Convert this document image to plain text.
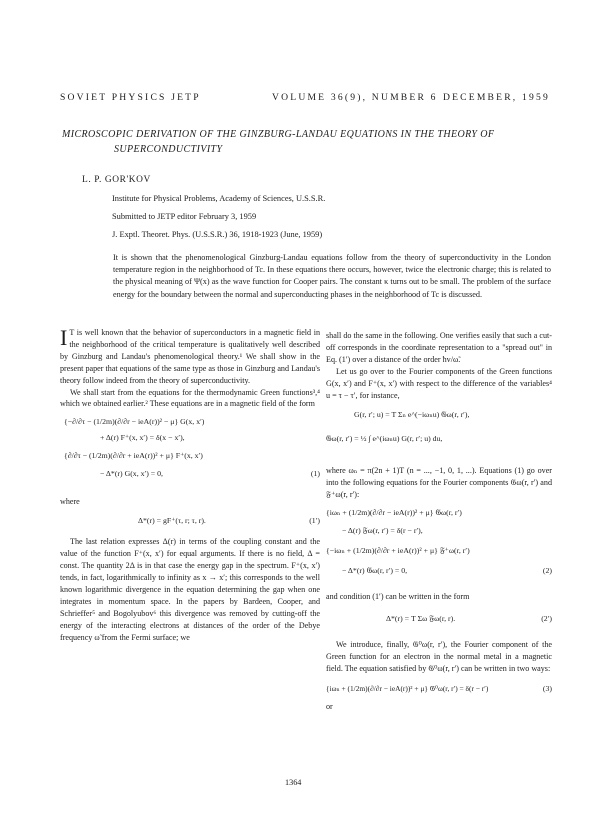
SOVIET PHYSICS JETP	VOLUME 36(9), NUMBER 6 DECEMBER, 1959
MICROSCOPIC DERIVATION OF THE GINZBURG-LANDAU EQUATIONS IN THE THEORY OF
SUPERCONDUCTIVITY
L. P. GOR'KOV
Institute for Physical Problems, Academy of Sciences, U.S.S.R.
Submitted to JETP editor February 3, 1959
J. Exptl. Theoret. Phys. (U.S.S.R.) 36, 1918-1923 (June, 1959)
It is shown that the phenomenological Ginzburg-Landau equations follow from the theory of superconductivity in the London temperature region in the neighborhood of Tc. In these equations there occurs, however, twice the electronic charge; this is related to the physical meaning of Ψ(x) as the wave function for Cooper pairs. The constant κ turns out to be small. The problem of the surface energy for the boundary between the normal and superconducting phases in the neighborhood of Tc is discussed.

I T is well known that the behavior of superconductors in a magnetic field in the neighborhood of the critical temperature is qualitatively well described by Ginzburg and Landau's phenomenological theory.¹ We shall show in the present paper that equations of the same type as those in Ginzburg and Landau's theory follow indeed from the theory of superconductivity.

We shall start from the equations for the thermodynamic Green functions³,⁴ which we obtained earlier.² These equations are in a magnetic field of the form

{−∂/∂τ − (1/2m)(∂/∂r − ieA(r))² − μ} G(x, x′)
+ Δ(r) F⁺(x, x′) = δ(x − x′),
{∂/∂τ − (1/2m)(∂/∂r + ieA(r))² + μ} F⁺(x, x′)
− Δ*(r) G(x, x′) = 0,	(1)

where

Δ*(r) = gF⁺(τ, r; τ, r).	(1′)

The last relation expresses Δ(r) in terms of the coupling constant and the value of the function F⁺(x, x′) for equal arguments. If there is no field, Δ = const. The quantity 2Δ is in that case the energy gap in the spectrum. F⁺(x, x′) tends, in fact, logarithmically to infinity as x → x′; this corresponds to the well known logarithmic divergence in the equation determining the gap when one integrates in momentum space. In the papers by Bardeen, Cooper, and Schrieffer⁵ and Bogolyubov⁶ this divergence was removed by cutting-off the energy of the interacting electrons at distances of the order of the Debye frequency ω̃ from the Fermi surface; we

shall do the same in the following. One verifies easily that such a cut-off corresponds in the coordinate representation to a "spread out" in Eq. (1′) over a distance of the order ħv/ω̃.

Let us go over to the Fourier components of the Green functions G(x, x′) and F⁺(x, x′) with respect to the difference of the variables⁴ u = τ − τ′, for instance,

G(r, r′; u) = T Σₙ e^(−iωₙu) 𝔊ω(r, r′),
𝔊ω(r, r′) = ½ ∫ e^(iωₙu) G(r, r′; u) du,

where ωₙ = π(2n + 1)T (n = ..., −1, 0, 1, ...). Equations (1) go over into the following equations for the Fourier components 𝔊ω(r, r′) and 𝔉⁺ω(r, r′):

{iωₙ + (1/2m)(∂/∂r − ieA(r))² + μ} 𝔊ω(r, r′)
− Δ(r) 𝔉ω(r, r′) = δ(r − r′),
{−iωₙ + (1/2m)(∂/∂r + ieA(r))² + μ} 𝔉⁺ω(r, r′)
− Δ*(r) 𝔊ω(r, r′) = 0,	(2)

and condition (1′) can be written in the form

Δ*(r) = T Σω 𝔉ω(r, r).	(2′)

We introduce, finally, 𝔊⁰ω(r, r′), the Fourier component of the Green function for an electron in the normal metal in a magnetic field. The equation satisfied by 𝔊⁰ω(r, r′) can be written in two ways:

{iωₙ + (1/2m)(∂/∂r − ieA(r))² + μ} 𝔊⁰ω(r, r′) = δ(r − r′)	(3)

or

1364
